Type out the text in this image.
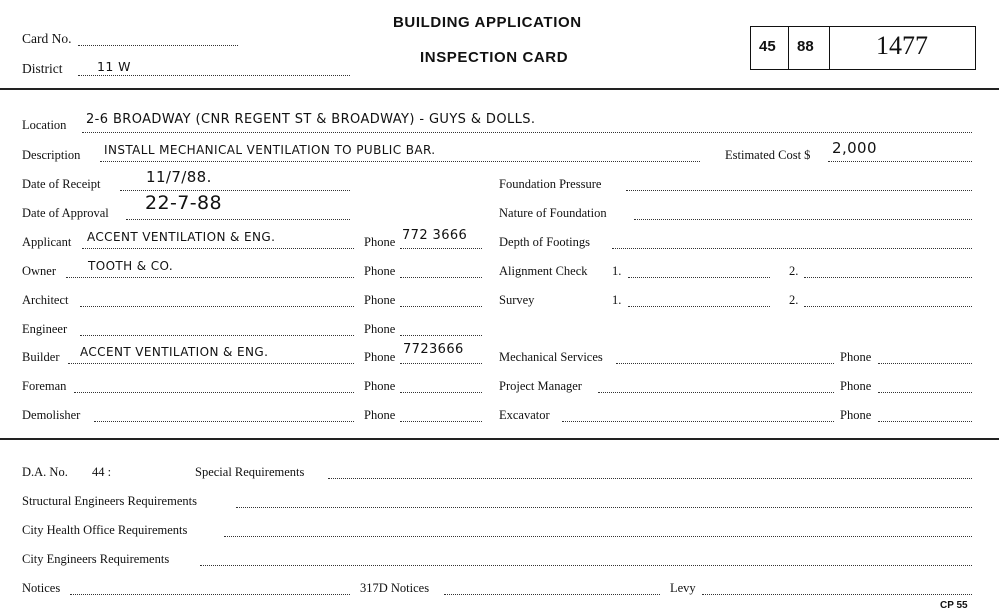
Card No.
District	11 W
BUILDING APPLICATION
INSPECTION CARD
45 88 1477
Location 2-6 BROADWAY (CNR REGENT ST & BROADWAY) - GUYS & DOLLS.
Description INSTALL MECHANICAL VENTILATION TO PUBLIC BAR.	Estimated Cost $ 2,000
Date of Receipt	11/7/88.
Date of Approval 22-7-88
Applicant ACCENT VENTILATION & ENG.	Phone 772 3666
Owner	TOOTH & CO.	Phone
Architect	Phone
Engineer	Phone
Builder ACCENT VENTILATION & ENG.	Phone 7723666
Foreman	Phone
Demolisher	Phone
Foundation Pressure
Nature of Foundation
Depth of Footings
Alignment Check 1.	2.
Survey	1.	2.
Mechanical Services	Phone
Project Manager	Phone
Excavator	Phone
D.A. No. 44 :	Special Requirements
Structural Engineers Requirements
City Health Office Requirements
City Engineers Requirements
Notices	317D Notices	Levy
CP 55
